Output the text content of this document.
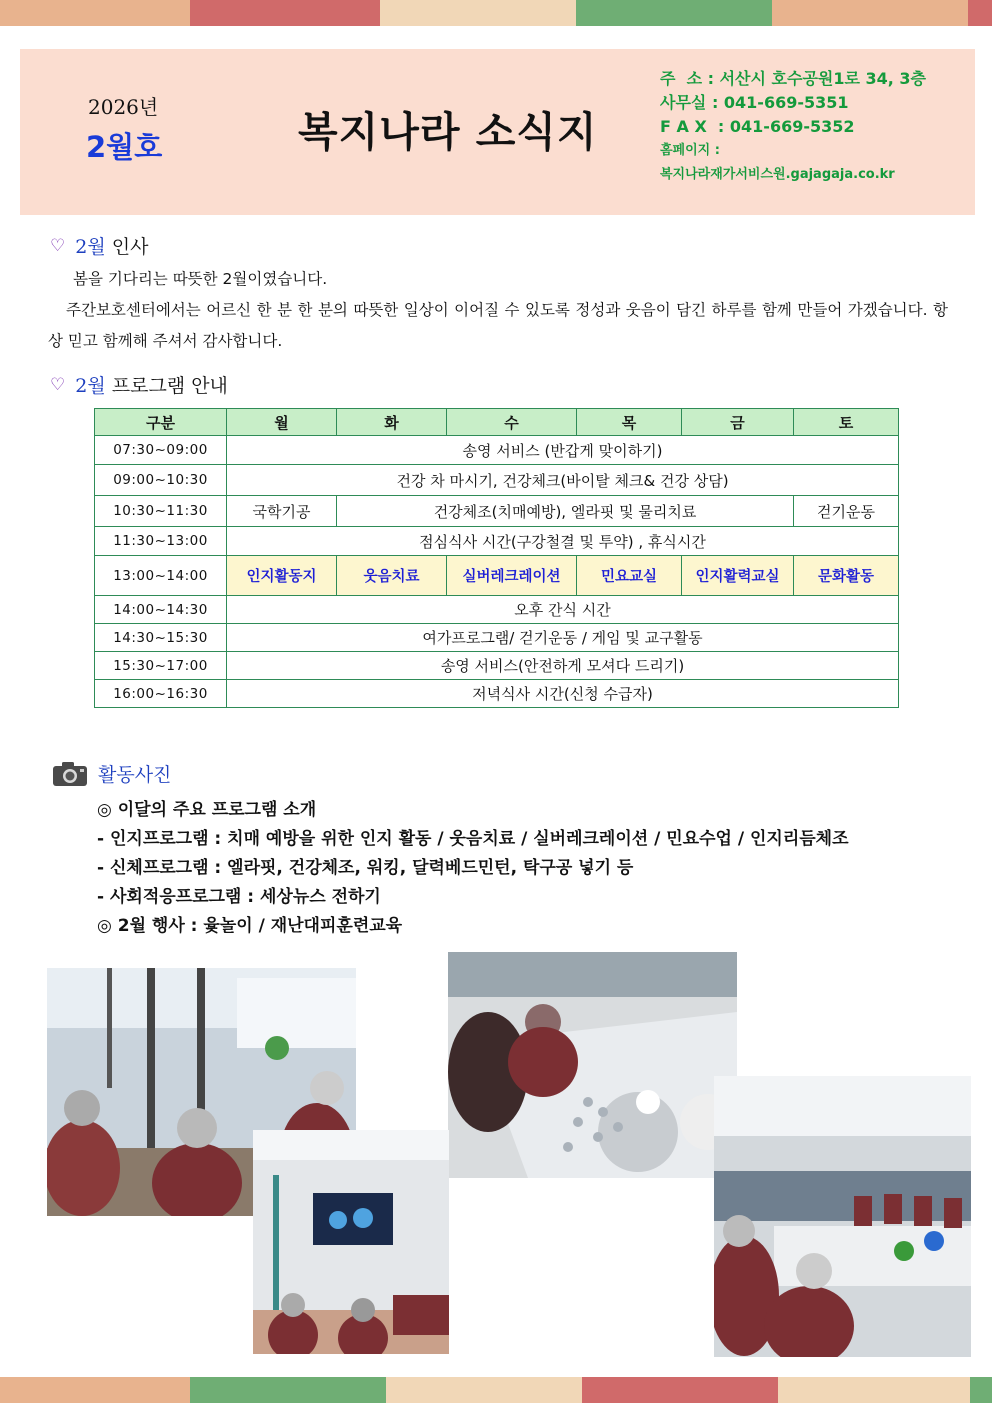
2026년
2월호	복지나라 소식지
주  소 : 서산시 호수공원1로 34, 3층
사무실 : 041-669-5351
F A X  : 041-669-5352
홈페이지 :
복지나라재가서비스원.gajagaja.co.kr
♡ 2월 인사
봄을 기다리는 따뜻한 2월이였습니다.
주간보호센터에서는 어르신 한 분 한 분의 따뜻한 일상이 이어질 수 있도록 정성과 웃음이 담긴 하루를 함께 만들어 가겠습니다. 항상 믿고 함께해 주셔서 감사합니다.
♡ 2월 프로그램 안내
구분	월	화	수	목	금	토
07:30~09:00	송영 서비스 (반갑게 맞이하기)					
09:00~10:30	건강 차 마시기, 건강체크(바이탈 체크& 건강 상담)					
10:30~11:30	국학기공	건강체조(치매예방), 엘라핏 및 물리치료				걷기운동
11:30~13:00	점심식사 시간(구강철결 및 투약) , 휴식시간					
13:00~14:00	인지활동지	웃음치료	실버레크레이션	민요교실	인지활력교실	문화활동
14:00~14:30	오후 간식 시간					
14:30~15:30	여가프로그램/ 걷기운동 / 게임 및 교구활동					
15:30~17:00	송영 서비스(안전하게 모셔다 드리기)					
16:00~16:30	저녁식사 시간(신청 수급자)					
활동사진
◎ 이달의 주요 프로그램 소개
- 인지프로그램 : 치매 예방을 위한 인지 활동 / 웃음치료 / 실버레크레이션 / 민요수업 / 인지리듬체조
- 신체프로그램 : 엘라핏, 건강체조, 워킹, 달력베드민턴, 탁구공 넣기 등
- 사회적응프로그램 : 세상뉴스 전하기
◎ 2월 행사 : 윷놀이 / 재난대피훈련교육
